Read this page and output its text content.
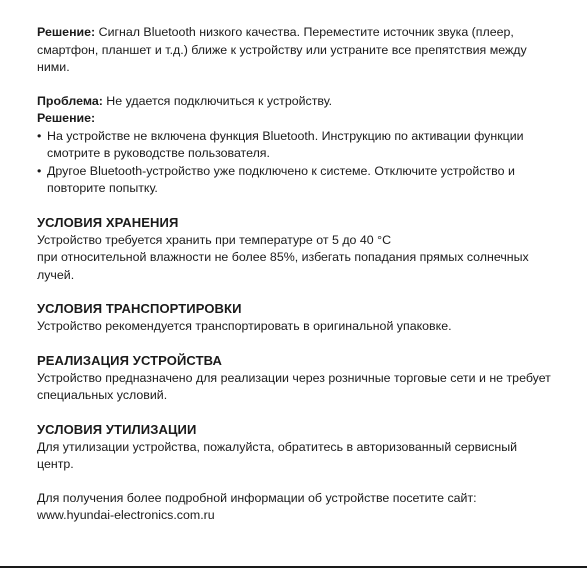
Решение: Сигнал Bluetooth низкого качества. Переместите источник звука (плеер, смартфон, планшет и т.д.) ближе к устройству или устраните все препятствия между ними.

Проблема: Не удается подключиться к устройству.

Решение:

• На устройстве не включена функция Bluetooth. Инструкцию по активации функции смотрите в руководстве пользователя.
• Другое Bluetooth-устройство уже подключено к системе. Отключите устройство и повторите попытку.

УСЛОВИЯ ХРАНЕНИЯ

Устройство требуется хранить при температуре от 5 до 40 °C

при относительной влажности не более 85%, избегать попадания прямых солнечных лучей.

УСЛОВИЯ ТРАНСПОРТИРОВКИ

Устройство рекомендуется транспортировать в оригинальной упаковке.

РЕАЛИЗАЦИЯ УСТРОЙСТВА

Устройство предназначено для реализации через розничные торговые сети и не требует специальных условий.

УСЛОВИЯ УТИЛИЗАЦИИ

Для утилизации устройства, пожалуйста, обратитесь в авторизованный сервисный центр.

Для получения более подробной информации об устройстве посетите сайт:

www.hyundai-electronics.com.ru
